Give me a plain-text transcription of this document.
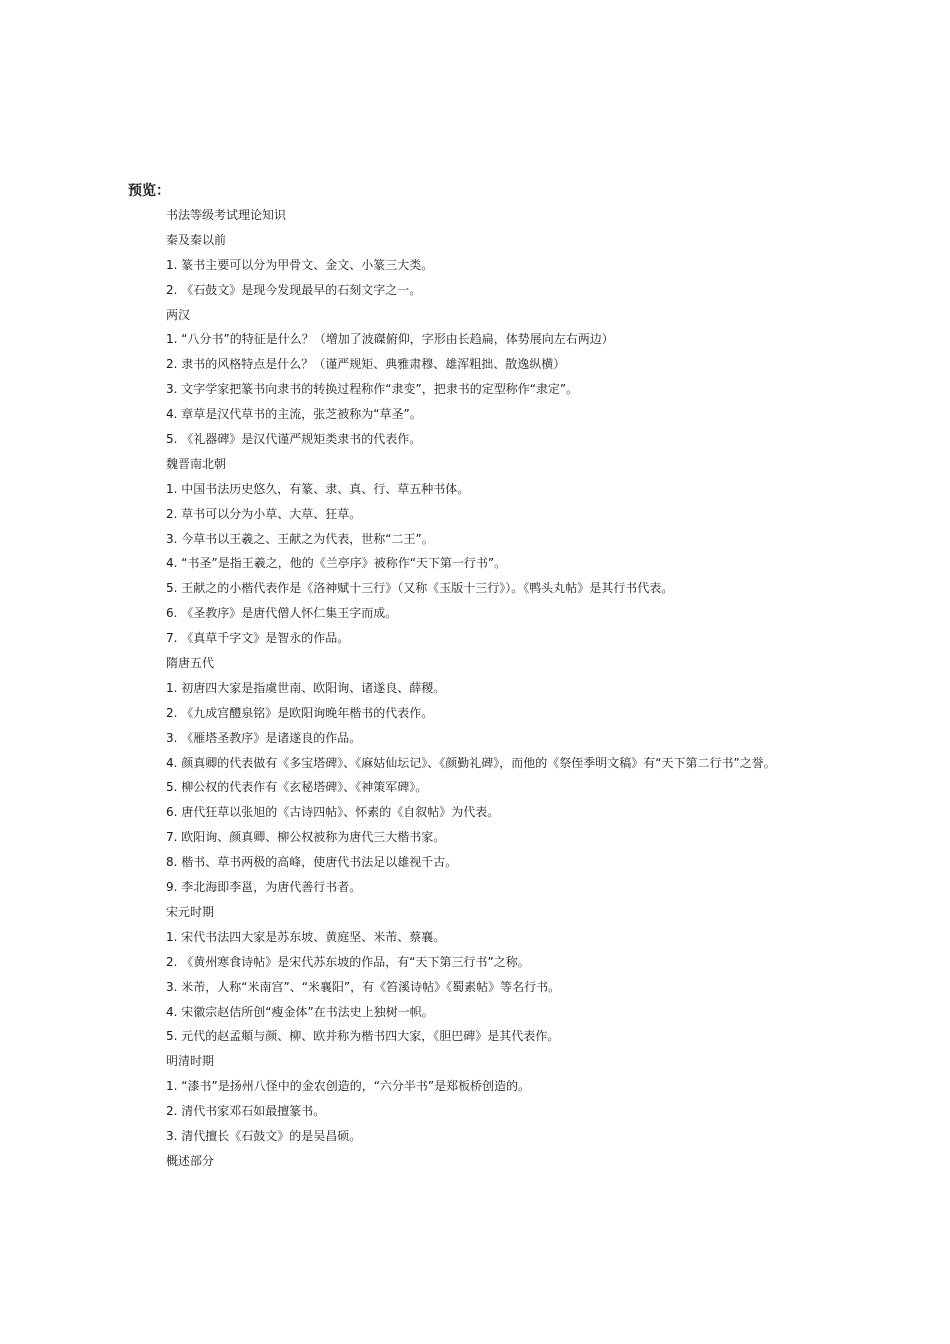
预览：
书法等级考试理论知识
秦及秦以前
1. 篆书主要可以分为甲骨文、金文、小篆三大类。
2. 《石鼓文》是现今发现最早的石刻文字之一。
两汉
1. “八分书”的特征是什么？（增加了波磔俯仰，字形由长趋扁，体势展向左右两边）
2. 隶书的风格特点是什么？（谨严规矩、典雅肃穆、雄浑粗拙、散逸纵横）
3. 文字学家把篆书向隶书的转换过程称作“隶变”，把隶书的定型称作“隶定”。
4. 章草是汉代草书的主流，张芝被称为“草圣”。
5. 《礼器碑》是汉代谨严规矩类隶书的代表作。
魏晋南北朝
1. 中国书法历史悠久，有篆、隶、真、行、草五种书体。
2. 草书可以分为小草、大草、狂草。
3. 今草书以王羲之、王献之为代表，世称“二王”。
4. “书圣”是指王羲之，他的《兰亭序》被称作“天下第一行书”。
5. 王献之的小楷代表作是《洛神赋十三行》（又称《玉版十三行》）。《鸭头丸帖》是其行书代表。
6. 《圣教序》是唐代僧人怀仁集王字而成。
7. 《真草千字文》是智永的作品。
隋唐五代
1. 初唐四大家是指虞世南、欧阳询、诸遂良、薛稷。
2. 《九成宫醴泉铭》是欧阳询晚年楷书的代表作。
3. 《雁塔圣教序》是诸遂良的作品。
4. 颜真卿的代表做有《多宝塔碑》、《麻姑仙坛记》、《颜勤礼碑》，而他的《祭侄季明文稿》有“天下第二行书”之誉。
5. 柳公权的代表作有《玄秘塔碑》、《神策军碑》。
6. 唐代狂草以张旭的《古诗四帖》、怀素的《自叙帖》为代表。
7. 欧阳询、颜真卿、柳公权被称为唐代三大楷书家。
8. 楷书、草书两极的高峰，使唐代书法足以雄视千古。
9. 李北海即李邕，为唐代善行书者。
宋元时期
1. 宋代书法四大家是苏东坡、黄庭坚、米芾、蔡襄。
2. 《黄州寒食诗帖》是宋代苏东坡的作品，有“天下第三行书”之称。
3. 米芾，人称“米南宫”、“米襄阳”，有《笞溪诗帖》《蜀素帖》等名行书。
4. 宋徽宗赵佶所创“瘦金体”在书法史上独树一帜。
5. 元代的赵孟頫与颜、柳、欧并称为楷书四大家，《胆巴碑》是其代表作。
明清时期
1. “漆书”是扬州八怪中的金农创造的，“六分半书”是郑板桥创造的。
2. 清代书家邓石如最擅篆书。
3. 清代擅长《石鼓文》的是吴昌硕。
概述部分
